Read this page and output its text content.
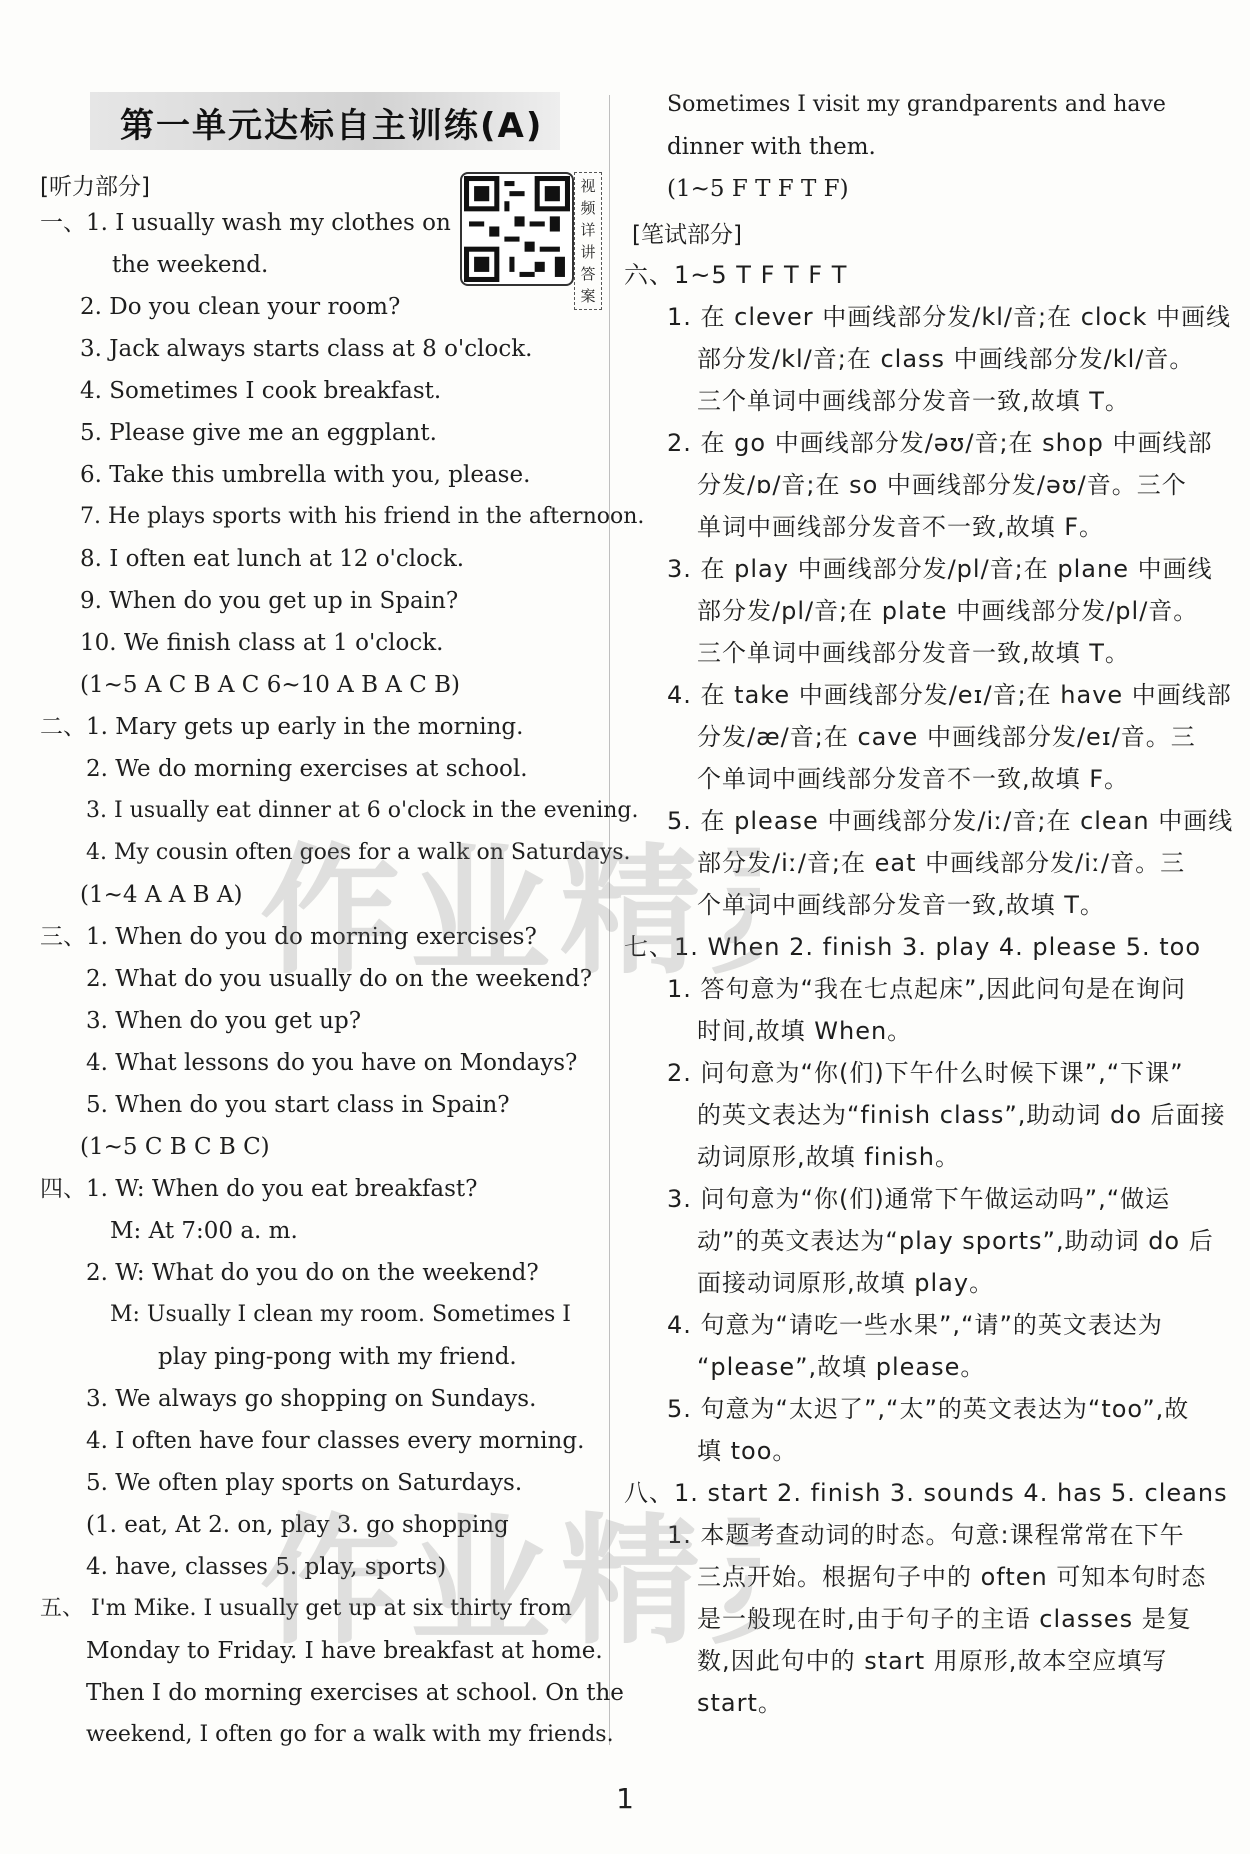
第一单元达标自主训练(A)
[听力部分]	视频详讲答案
一、1. I usually wash my clothes on
the weekend.
2. Do you clean your room?
3. Jack always starts class at 8 o'clock.
4. Sometimes I cook breakfast.
5. Please give me an eggplant.
6. Take this umbrella with you, please.
7. He plays sports with his friend in the afternoon.
8. I often eat lunch at 12 o'clock.
9. When do you get up in Spain?
10. We finish class at 1 o'clock.
(1~5 A C B A C 6~10 A B A C B)
二、1. Mary gets up early in the morning.
2. We do morning exercises at school.
3. I usually eat dinner at 6 o'clock in the evening.
4. My cousin often goes for a walk on Saturdays.
(1~4 A A B A)
三、1. When do you do morning exercises?
2. What do you usually do on the weekend?
3. When do you get up?
4. What lessons do you have on Mondays?
5. When do you start class in Spain?
(1~5 C B C B C)
四、1. W: When do you eat breakfast?
M: At 7:00 a. m.
2. W: What do you do on the weekend?
M: Usually I clean my room. Sometimes I
play ping-pong with my friend.
3. We always go shopping on Sundays.
4. I often have four classes every morning.
5. We often play sports on Saturdays.
(1. eat, At 2. on, play 3. go shopping
4. have, classes 5. play, sports)
五、 I'm Mike. I usually get up at six thirty from
Monday to Friday. I have breakfast at home.
Then I do morning exercises at school. On the
weekend, I often go for a walk with my friends.
Sometimes I visit my grandparents and have
dinner with them.
(1~5 F T F T F)
[笔试部分]
六、1~5 T F T F T
1. 在 clever 中画线部分发/kl/音;在 clock 中画线
部分发/kl/音;在 class 中画线部分发/kl/音。
三个单词中画线部分发音一致,故填 T。
2. 在 go 中画线部分发/əʊ/音;在 shop 中画线部
分发/ɒ/音;在 so 中画线部分发/əʊ/音。三个
单词中画线部分发音不一致,故填 F。
3. 在 play 中画线部分发/pl/音;在 plane 中画线
部分发/pl/音;在 plate 中画线部分发/pl/音。
三个单词中画线部分发音一致,故填 T。
4. 在 take 中画线部分发/eɪ/音;在 have 中画线部
分发/æ/音;在 cave 中画线部分发/eɪ/音。三
个单词中画线部分发音不一致,故填 F。
5. 在 please 中画线部分发/iː/音;在 clean 中画线
部分发/iː/音;在 eat 中画线部分发/iː/音。三
个单词中画线部分发音一致,故填 T。
七、1. When 2. finish 3. play 4. please 5. too
1. 答句意为“我在七点起床”,因此问句是在询问
时间,故填 When。
2. 问句意为“你(们)下午什么时候下课”,“下课”
的英文表达为“finish class”,助动词 do 后面接
动词原形,故填 finish。
3. 问句意为“你(们)通常下午做运动吗”,“做运
动”的英文表达为“play sports”,助动词 do 后
面接动词原形,故填 play。
4. 句意为“请吃一些水果”,“请”的英文表达为
“please”,故填 please。
5. 句意为“太迟了”,“太”的英文表达为“too”,故
填 too。
八、1. start 2. finish 3. sounds 4. has 5. cleans
1. 本题考查动词的时态。句意:课程常常在下午
三点开始。根据句子中的 often 可知本句时态
是一般现在时,由于句子的主语 classes 是复
数,因此句中的 start 用原形,故本空应填写
start。
作业精
作业精
1
